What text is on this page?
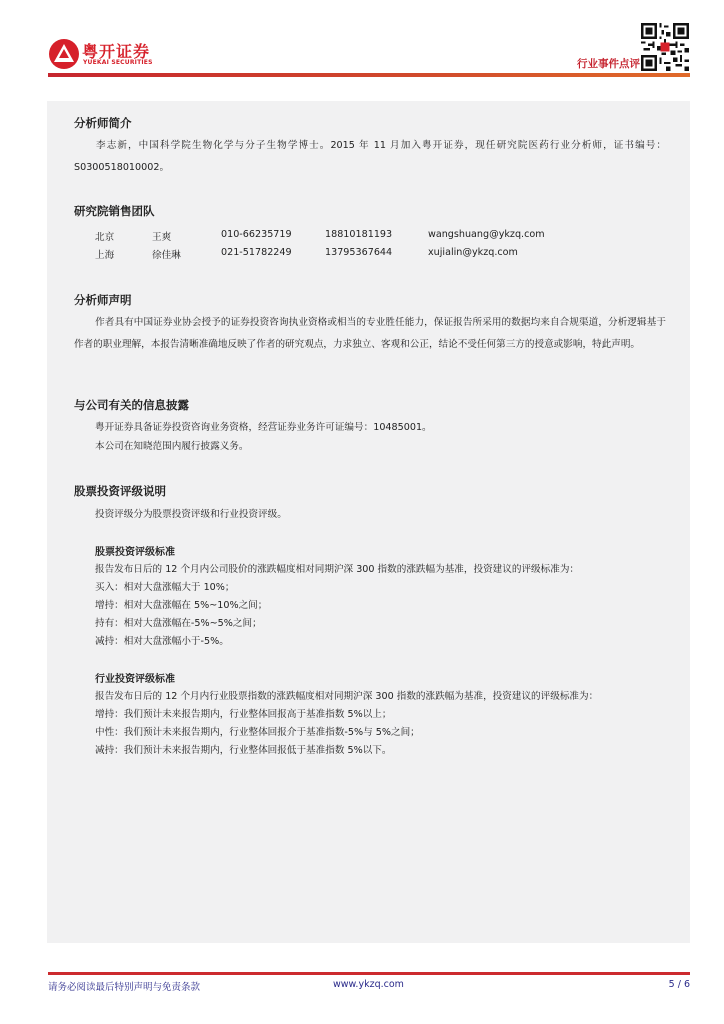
粤开证券
YUEKAI SECURITIES	行业事件点评
分析师简介
李志新，中国科学院生物化学与分子生物学博士。2015 年 11 月加入粤开证券，现任研究院医药行业分析师，证书编号：S0300518010002。
研究院销售团队
北京	王爽	010-66235719	18810181193	wangshuang@ykzq.com
上海	徐佳琳	021-51782249	13795367644	xujialin@ykzq.com
分析师声明
作者具有中国证券业协会授予的证券投资咨询执业资格或相当的专业胜任能力，保证报告所采用的数据均来自合规渠道，分析逻辑基于作者的职业理解，本报告清晰准确地反映了作者的研究观点，力求独立、客观和公正，结论不受任何第三方的授意或影响，特此声明。
与公司有关的信息披露
粤开证券具备证券投资咨询业务资格，经营证券业务许可证编号：10485001。
本公司在知晓范围内履行披露义务。
股票投资评级说明
投资评级分为股票投资评级和行业投资评级。
股票投资评级标准
报告发布日后的 12 个月内公司股价的涨跌幅度相对同期沪深 300 指数的涨跌幅为基准，投资建议的评级标准为：
买入：相对大盘涨幅大于 10%；
增持：相对大盘涨幅在 5%~10%之间；
持有：相对大盘涨幅在-5%~5%之间；
减持：相对大盘涨幅小于-5%。
行业投资评级标准
报告发布日后的 12 个月内行业股票指数的涨跌幅度相对同期沪深 300 指数的涨跌幅为基准，投资建议的评级标准为：
增持：我们预计未来报告期内，行业整体回报高于基准指数 5%以上；
中性：我们预计未来报告期内，行业整体回报介于基准指数-5%与 5%之间；
减持：我们预计未来报告期内，行业整体回报低于基准指数 5%以下。
请务必阅读最后特别声明与免责条款	www.ykzq.com	5 / 6
